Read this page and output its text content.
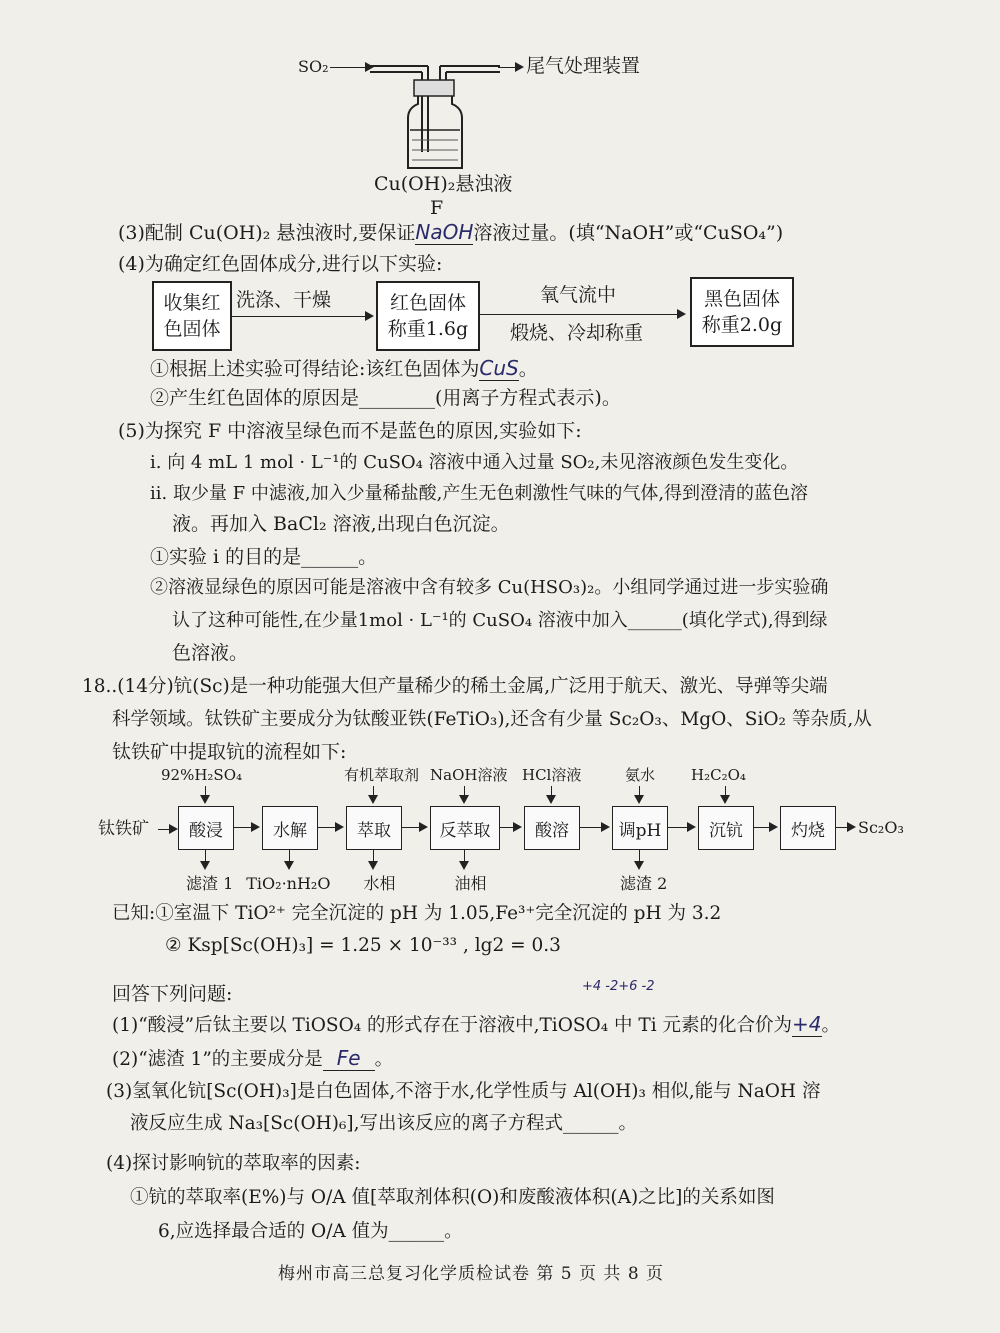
SO₂	尾气处理装置
Cu(OH)₂悬浊液
F
(3)配制 Cu(OH)₂ 悬浊液时,要保证NaOH溶液过量。(填“NaOH”或“CuSO₄”)
(4)为确定红色固体成分,进行以下实验:
收集红
色固体
洗涤、干燥	红色固体
称重1.6g
氧气流中
煅烧、冷却称重
黑色固体
称重2.0g
①根据上述实验可得结论:该红色固体为CuS。
②产生红色固体的原因是________(用离子方程式表示)。
(5)为探究 F 中溶液呈绿色而不是蓝色的原因,实验如下:
i. 向 4 mL 1 mol · L⁻¹的 CuSO₄ 溶液中通入过量 SO₂,未见溶液颜色发生变化。
ii. 取少量 F 中滤液,加入少量稀盐酸,产生无色刺激性气味的气体,得到澄清的蓝色溶
液。再加入 BaCl₂ 溶液,出现白色沉淀。
①实验 i 的目的是______。
②溶液显绿色的原因可能是溶液中含有较多 Cu(HSO₃)₂。小组同学通过进一步实验确
认了这种可能性,在少量1mol · L⁻¹的 CuSO₄ 溶液中加入______(填化学式),得到绿
色溶液。
18..(14分)钪(Sc)是一种功能强大但产量稀少的稀土金属,广泛用于航天、激光、导弹等尖端
科学领域。钛铁矿主要成分为钛酸亚铁(FeTiO₃),还含有少量 Sc₂O₃、MgO、SiO₂ 等杂质,从
钛铁矿中提取钪的流程如下:
钛铁矿	酸浸
92%H₂SO₄
滤渣 1
水解
TiO₂·nH₂O
萃取
有机萃取剂
水相
反萃取
NaOH溶液
油相
酸溶
HCl溶液
调pH
氨水
滤渣 2
沉钪
H₂C₂O₄
灼烧	Sc₂O₃
已知:①室温下 TiO²⁺ 完全沉淀的 pH 为 1.05,Fe³⁺完全沉淀的 pH 为 3.2
② Ksp[Sc(OH)₃] = 1.25 × 10⁻³³ , lg2 = 0.3
回答下列问题:	+4 -2+6 -2
(1)“酸浸”后钛主要以 TiOSO₄ 的形式存在于溶液中,TiOSO₄ 中 Ti 元素的化合价为+4。
(2)“滤渣 1”的主要成分是 Fe 。
(3)氢氧化钪[Sc(OH)₃]是白色固体,不溶于水,化学性质与 Al(OH)₃ 相似,能与 NaOH 溶
液反应生成 Na₃[Sc(OH)₆],写出该反应的离子方程式______。
(4)探讨影响钪的萃取率的因素:
①钪的萃取率(E%)与 O/A 值[萃取剂体积(O)和废酸液体积(A)之比]的关系如图
6,应选择最合适的 O/A 值为______。
梅州市高三总复习化学质检试卷 第 5 页 共 8 页
